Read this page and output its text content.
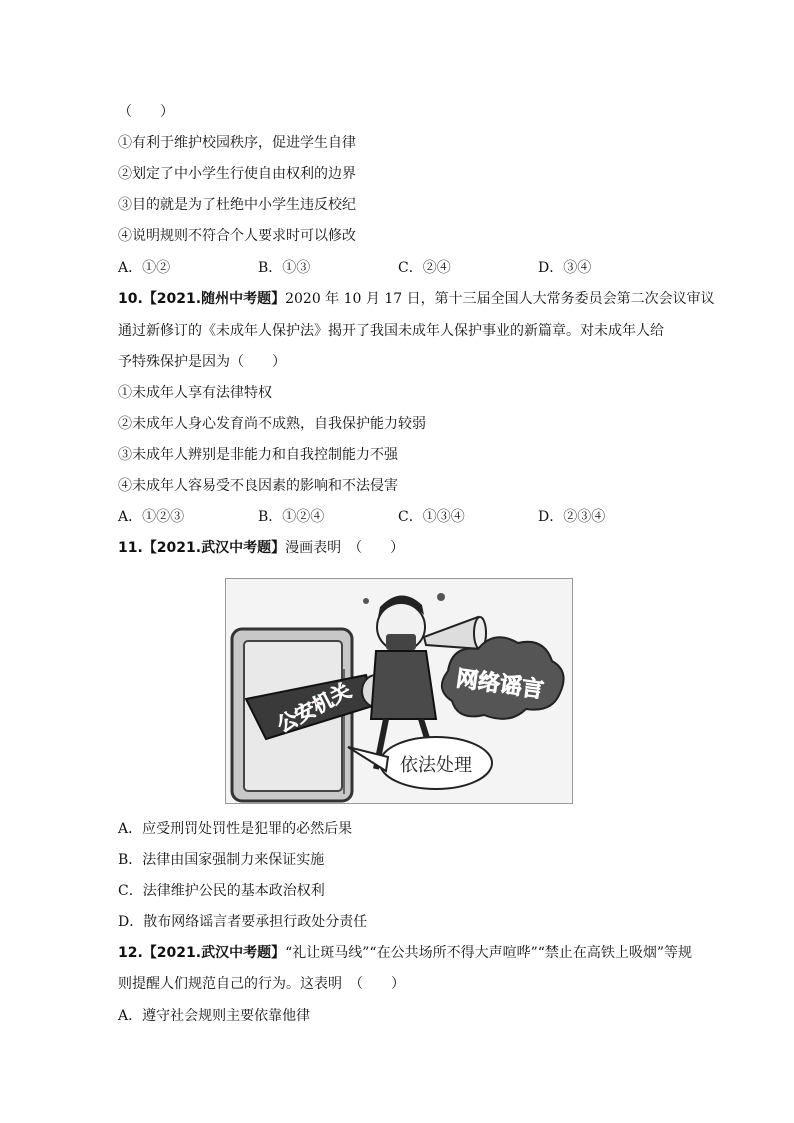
（　　）
①有利于维护校园秩序，促进学生自律
②划定了中小学生行使自由权利的边界
③目的就是为了杜绝中小学生违反校纪
④说明规则不符合个人要求时可以修改
A．①②	B．①③	C．②④	D．③④
10.【2021.随州中考题】2020 年 10 月 17 日，第十三届全国人大常务委员会第二次会议审议
通过新修订的《未成年人保护法》揭开了我国未成年人保护事业的新篇章。对未成年人给
予特殊保护是因为（　　）
①未成年人享有法律特权
②未成年人身心发育尚不成熟，自我保护能力较弱
③未成年人辨别是非能力和自我控制能力不强
④未成年人容易受不良因素的影响和不法侵害
A．①②③	B．①②④	C．①③④	D．②③④
11.【2021.武汉中考题】漫画表明　（　　）
公安机关	网络谣言
依法处理
A．应受刑罚处罚性是犯罪的必然后果
B．法律由国家强制力来保证实施
C．法律维护公民的基本政治权利
D．散布网络谣言者要承担行政处分责任
12.【2021.武汉中考题】“礼让斑马线”“在公共场所不得大声喧哗”“禁止在高铁上吸烟”等规
则提醒人们规范自己的行为。这表明　（　　）
A．遵守社会规则主要依靠他律
